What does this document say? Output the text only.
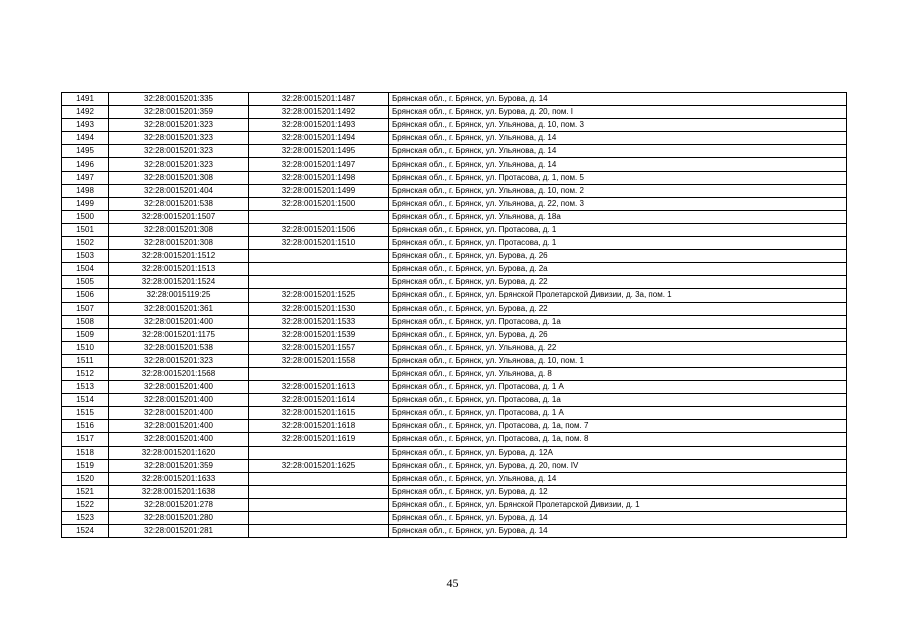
1491	32:28:0015201:335	32:28:0015201:1487	Брянская обл., г. Брянск, ул. Бурова, д. 14
1492	32:28:0015201:359	32:28:0015201:1492	Брянская обл., г. Брянск, ул. Бурова, д. 20, пом. I
1493	32:28:0015201:323	32:28:0015201:1493	Брянская обл., г. Брянск, ул. Ульянова, д. 10, пом. 3
1494	32:28:0015201:323	32:28:0015201:1494	Брянская обл., г. Брянск, ул. Ульянова, д. 14
1495	32:28:0015201:323	32:28:0015201:1495	Брянская обл., г. Брянск, ул. Ульянова, д. 14
1496	32:28:0015201:323	32:28:0015201:1497	Брянская обл., г. Брянск, ул. Ульянова, д. 14
1497	32:28:0015201:308	32:28:0015201:1498	Брянская обл., г. Брянск, ул. Протасова, д. 1, пом. 5
1498	32:28:0015201:404	32:28:0015201:1499	Брянская обл., г. Брянск, ул. Ульянова, д. 10, пом. 2
1499	32:28:0015201:538	32:28:0015201:1500	Брянская обл., г. Брянск, ул. Ульянова, д. 22, пом. 3
1500	32:28:0015201:1507		Брянская обл., г. Брянск, ул. Ульянова, д. 18а
1501	32:28:0015201:308	32:28:0015201:1506	Брянская обл., г. Брянск, ул. Протасова, д. 1
1502	32:28:0015201:308	32:28:0015201:1510	Брянская обл., г. Брянск, ул. Протасова, д. 1
1503	32:28:0015201:1512		Брянская обл., г. Брянск, ул. Бурова, д. 26
1504	32:28:0015201:1513		Брянская обл., г. Брянск, ул. Бурова, д. 2а
1505	32:28:0015201:1524		Брянская обл., г. Брянск, ул. Бурова, д. 22
1506	32:28:0015119:25	32:28:0015201:1525	Брянская обл., г. Брянск, ул. Брянской Пролетарской Дивизии, д. 3а, пом. 1
1507	32:28:0015201:361	32:28:0015201:1530	Брянская обл., г. Брянск, ул. Бурова, д. 22
1508	32:28:0015201:400	32:28:0015201:1533	Брянская обл., г. Брянск, ул. Протасова, д. 1а
1509	32:28:0015201:1175	32:28:0015201:1539	Брянская обл., г. Брянск, ул. Бурова, д. 26
1510	32:28:0015201:538	32:28:0015201:1557	Брянская обл., г. Брянск, ул. Ульянова, д. 22
1511	32:28:0015201:323	32:28:0015201:1558	Брянская обл., г. Брянск, ул. Ульянова, д. 10, пом. 1
1512	32:28:0015201:1568		Брянская обл., г. Брянск, ул. Ульянова, д. 8
1513	32:28:0015201:400	32:28:0015201:1613	Брянская обл., г. Брянск, ул. Протасова, д. 1 А
1514	32:28:0015201:400	32:28:0015201:1614	Брянская обл., г. Брянск, ул. Протасова, д. 1а
1515	32:28:0015201:400	32:28:0015201:1615	Брянская обл., г. Брянск, ул. Протасова, д. 1 А
1516	32:28:0015201:400	32:28:0015201:1618	Брянская обл., г. Брянск, ул. Протасова, д. 1а, пом. 7
1517	32:28:0015201:400	32:28:0015201:1619	Брянская обл., г. Брянск, ул. Протасова, д. 1а, пом. 8
1518	32:28:0015201:1620		Брянская обл., г. Брянск, ул. Бурова, д. 12А
1519	32:28:0015201:359	32:28:0015201:1625	Брянская обл., г. Брянск, ул. Бурова, д. 20, пом. IV
1520	32:28:0015201:1633		Брянская обл., г. Брянск, ул. Ульянова, д. 14
1521	32:28:0015201:1638		Брянская обл., г. Брянск, ул. Бурова, д. 12
1522	32:28:0015201:278		Брянская обл., г. Брянск, ул. Брянской Пролетарской Дивизии, д. 1
1523	32:28:0015201:280		Брянская обл., г. Брянск, ул. Бурова, д. 14
1524	32:28:0015201:281		Брянская обл., г. Брянск, ул. Бурова, д. 14
45
